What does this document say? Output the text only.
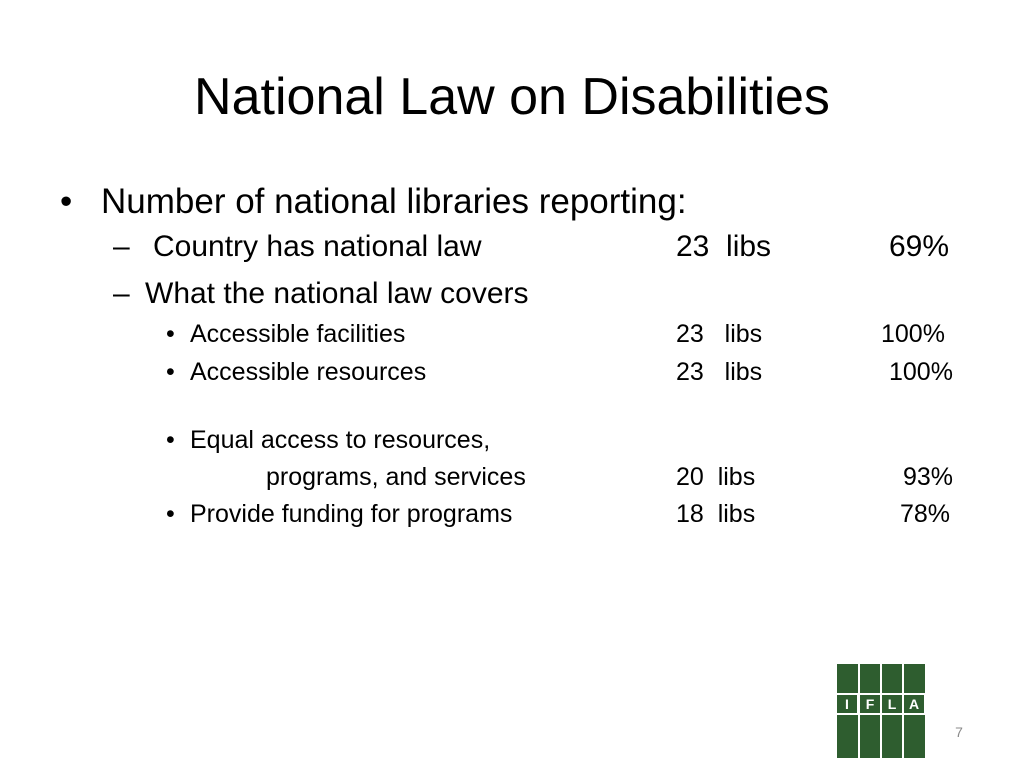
National Law on Disabilities
• Number of national libraries reporting:
– Country has national law	23  libs	69%
– What the national law covers
• Accessible facilities	23   libs	100%
• Accessible resources	23   libs	100%
• Equal access to resources,
programs, and services	20  libs	93%
• Provide funding for programs	18  libs	78%
I	F L A
7
